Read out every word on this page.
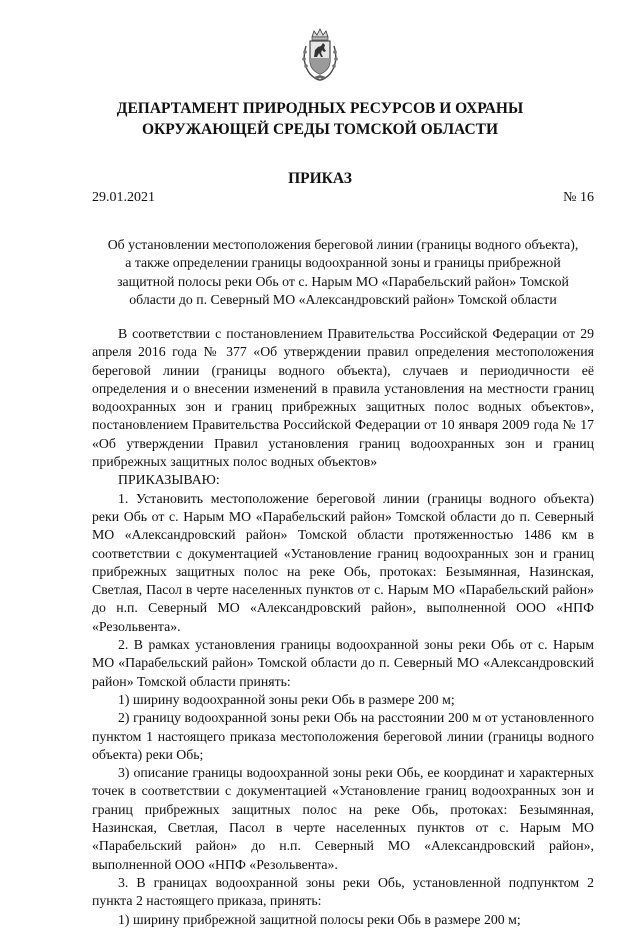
ДЕПАРТАМЕНТ ПРИРОДНЫХ РЕСУРСОВ И ОХРАНЫ
ОКРУЖАЮЩЕЙ СРЕДЫ ТОМСКОЙ ОБЛАСТИ
ПРИКАЗ
29.01.2021	№ 16
Об установлении местоположения береговой линии (границы водного объекта),
а также определении границы водоохранной зоны и границы прибрежной
защитной полосы реки Обь от с. Нарым МО «Парабельский район» Томской
области до п. Северный МО «Александровский район» Томской области

В соответствии с постановлением Правительства Российской Федерации от 29 апреля 2016 года № 377 «Об утверждении правил определения местоположения береговой линии (границы водного объекта), случаев и периодичности её определения и о внесении изменений в правила установления на местности границ водоохранных зон и границ прибрежных защитных полос водных объектов», постановлением Правительства Российской Федерации от 10 января 2009 года № 17 «Об утверждении Правил установления границ водоохранных зон и границ прибрежных защитных полос водных объектов»

ПРИКАЗЫВАЮ:

1. Установить местоположение береговой линии (границы водного объекта) реки Обь от с. Нарым МО «Парабельский район» Томской области до п. Северный МО «Александровский район» Томской области протяженностью 1486 км в соответствии с документацией «Установление границ водоохранных зон и границ прибрежных защитных полос на реке Обь, протоках: Безымянная, Назинская, Светлая, Пасол в черте населенных пунктов от с. Нарым МО «Парабельский район» до н.п. Северный МО «Александровский район», выполненной ООО «НПФ «Резольвента».

2. В рамках установления границы водоохранной зоны реки Обь от с. Нарым МО «Парабельский район» Томской области до п. Северный МО «Александровский район» Томской области принять:

1) ширину водоохранной зоны реки Обь в размере 200 м;

2) границу водоохранной зоны реки Обь на расстоянии 200 м от установленного пунктом 1 настоящего приказа местоположения береговой линии (границы водного объекта) реки Обь;

3) описание границы водоохранной зоны реки Обь, ее координат и характерных точек в соответствии с документацией «Установление границ водоохранных зон и границ прибрежных защитных полос на реке Обь, протоках: Безымянная, Назинская, Светлая, Пасол в черте населенных пунктов от с. Нарым МО «Парабельский район» до н.п. Северный МО «Александровский район», выполненной ООО «НПФ «Резольвента».

3. В границах водоохранной зоны реки Обь, установленной подпунктом 2 пункта 2 настоящего приказа, принять:

1) ширину прибрежной защитной полосы реки Обь в размере 200 м;
